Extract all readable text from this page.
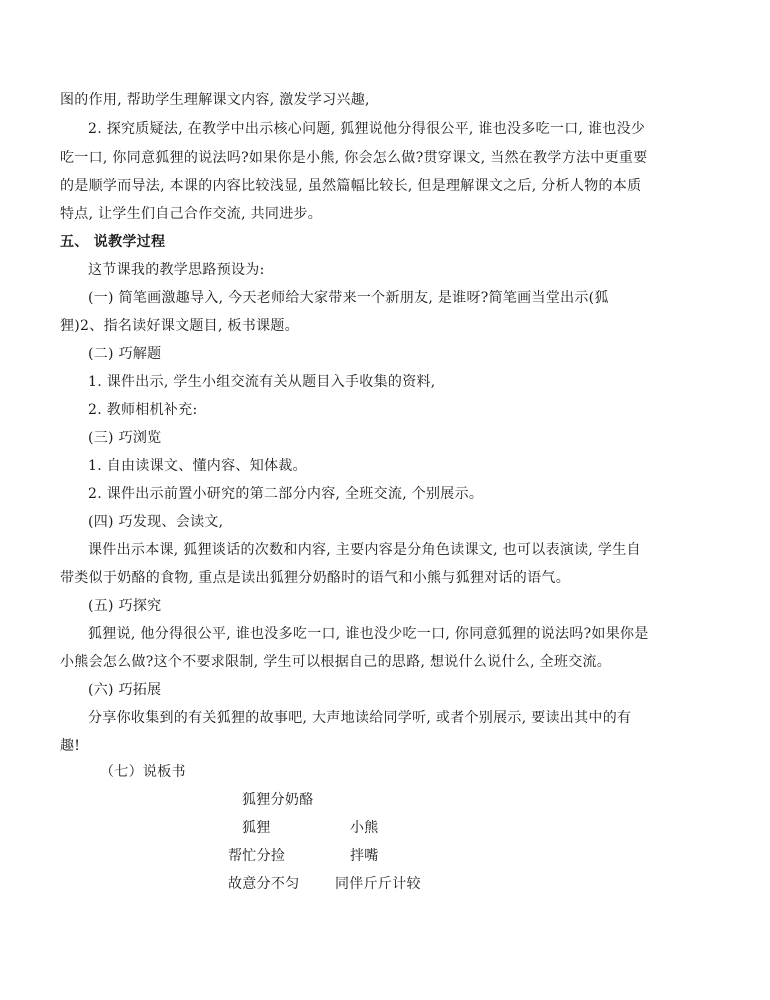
图的作用, 帮助学生理解课文内容, 激发学习兴趣,
2. 探究质疑法, 在教学中出示核心问题, 狐狸说他分得很公平, 谁也没多吃一口, 谁也没少
吃一口, 你同意狐狸的说法吗?如果你是小熊, 你会怎么做?贯穿课文, 当然在教学方法中更重要
的是顺学而导法, 本课的内容比较浅显, 虽然篇幅比较长, 但是理解课文之后, 分析人物的本质
特点, 让学生们自己合作交流, 共同进步。
五、 说教学过程
这节课我的教学思路预设为:
(一) 简笔画激趣导入, 今天老师给大家带来一个新朋友, 是谁呀?简笔画当堂出示(狐
狸)2、指名读好课文题目, 板书课题。
(二) 巧解题
1. 课件出示, 学生小组交流有关从题目入手收集的资料,
2. 教师相机补充:
(三) 巧浏览
1. 自由读课文、懂内容、知体裁。
2. 课件出示前置小研究的第二部分内容, 全班交流, 个别展示。
(四) 巧发现、会读文,
课件出示本课, 狐狸谈话的次数和内容, 主要内容是分角色读课文, 也可以表演读, 学生自
带类似于奶酪的食物, 重点是读出狐狸分奶酪时的语气和小熊与狐狸对话的语气。
(五) 巧探究
狐狸说, 他分得很公平, 谁也没多吃一口, 谁也没少吃一口, 你同意狐狸的说法吗?如果你是
小熊会怎么做?这个不要求限制, 学生可以根据自己的思路, 想说什么说什么, 全班交流。
(六) 巧拓展
分享你收集到的有关狐狸的故事吧, 大声地读给同学听, 或者个别展示, 要读出其中的有
趣!
（七）说板书
狐狸分奶酪
狐狸	小熊
帮忙分捡	拌嘴
故意分不匀	同伴斤斤计较
